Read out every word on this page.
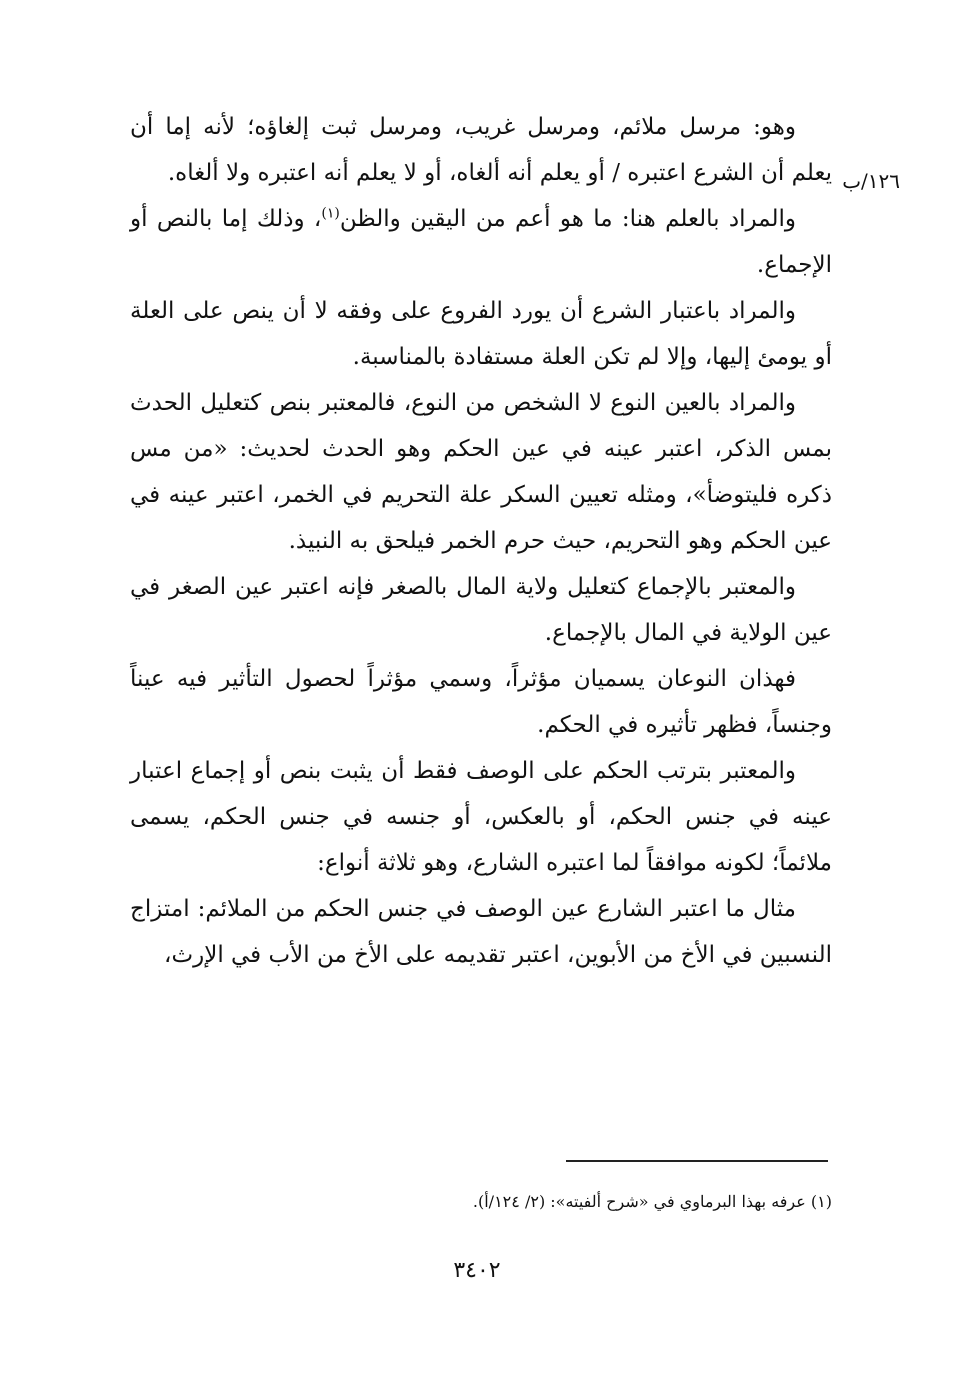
١٢٦/ب

وهو: مرسل ملائم، ومرسل غريب، ومرسل ثبت إلغاؤه؛ لأنه إما أن يعلم أن الشرع اعتبره / أو يعلم أنه ألغاه، أو لا يعلم أنه اعتبره ولا ألغاه.

والمراد بالعلم هنا: ما هو أعم من اليقين والظن$^{(١)}$، وذلك إما بالنص أو الإجماع.

والمراد باعتبار الشرع أن يورد الفروع على وفقه لا أن ينص على العلة أو يومئ إليها، وإلا لم تكن العلة مستفادة بالمناسبة.

والمراد بالعين النوع لا الشخص من النوع، فالمعتبر بنص كتعليل الحدث بمس الذكر، اعتبر عينه في عين الحكم وهو الحدث لحديث: «من مس ذكره فليتوضأ»، ومثله تعيين السكر علة التحريم في الخمر، اعتبر عينه في عين الحكم وهو التحريم، حيث حرم الخمر فيلحق به النبيذ.

والمعتبر بالإجماع كتعليل ولاية المال بالصغر فإنه اعتبر عين الصغر في عين الولاية في المال بالإجماع.

فهذان النوعان يسميان مؤثراً، وسمي مؤثراً لحصول التأثير فيه عيناً وجنساً، فظهر تأثيره في الحكم.

والمعتبر بترتب الحكم على الوصف فقط أن يثبت بنص أو إجماع اعتبار عينه في جنس الحكم، أو بالعكس، أو جنسه في جنس الحكم، يسمى ملائماً؛ لكونه موافقاً لما اعتبره الشارع، وهو ثلاثة أنواع:

مثال ما اعتبر الشارع عين الوصف في جنس الحكم من الملائم: امتزاج النسبين في الأخ من الأبوين، اعتبر تقديمه على الأخ من الأب في الإرث،

(١) عرفه بهذا البرماوي في «شرح ألفيته»: (٢/ ١٢٤/أ).
٣٤٠٢
